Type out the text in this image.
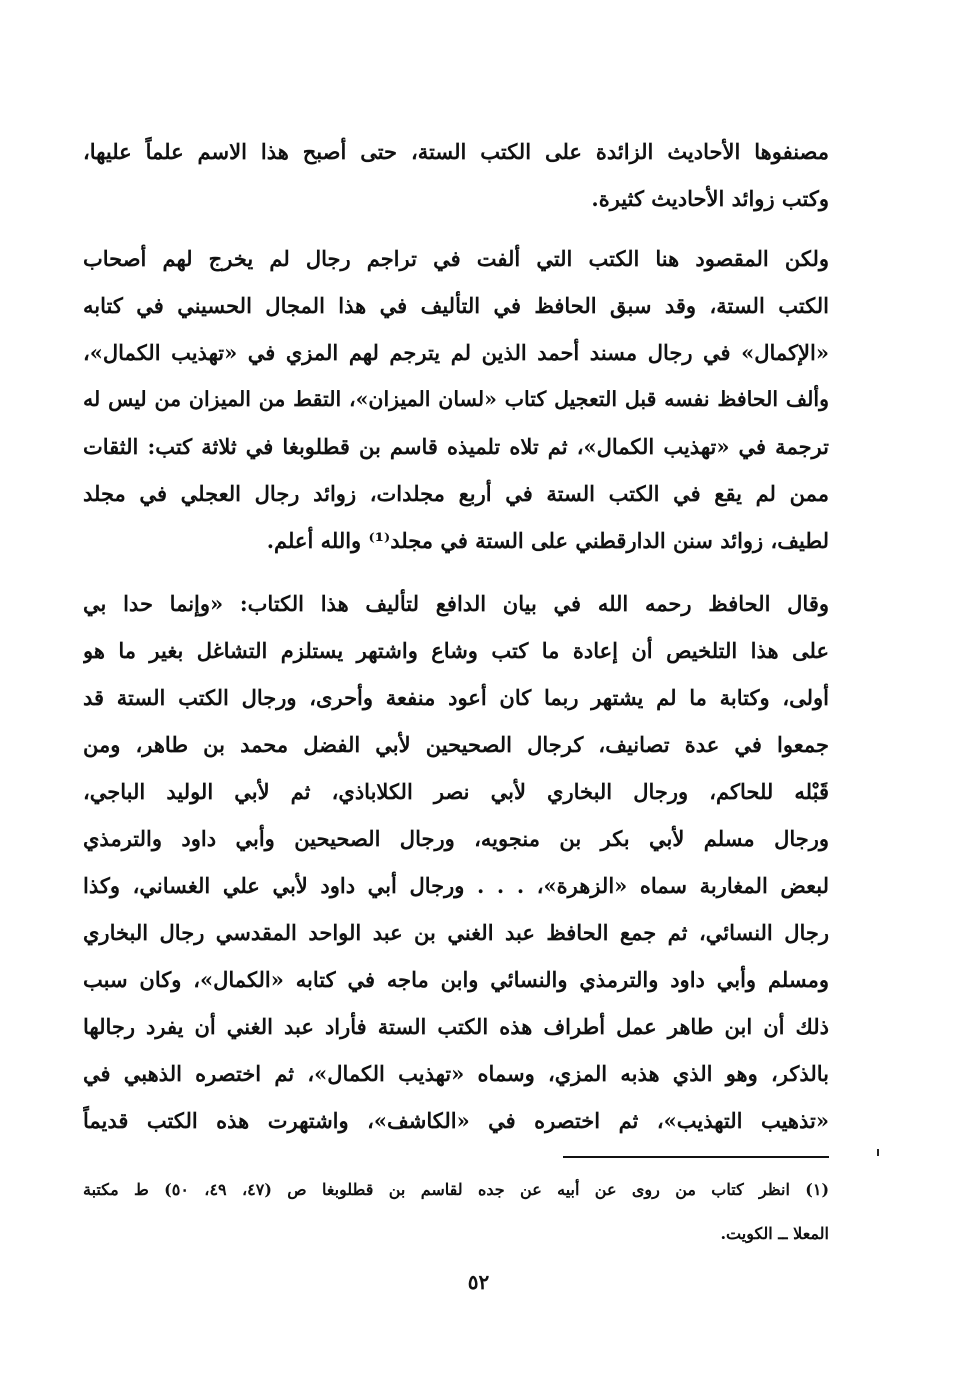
مصنفوها الأحاديث الزائدة على الكتب الستة، حتى أصبح هذا الاسم علماً عليها،
وكتب زوائد الأحاديث كثيرة.
ولكن المقصود هنا الكتب التي ألفت في تراجم رجال لم يخرج لهم أصحاب
الكتب الستة، وقد سبق الحافظ في التأليف في هذا المجال الحسيني في كتابه
«الإكمال» في رجال مسند أحمد الذين لم يترجم لهم المزي في «تهذيب الكمال»،
وألف الحافظ نفسه قبل التعجيل كتاب «لسان الميزان»، التقط من الميزان من ليس له
ترجمة في «تهذيب الكمال»، ثم تلاه تلميذه قاسم بن قطلوبغا في ثلاثة كتب: الثقات
ممن لم يقع في الكتب الستة في أربع مجلدات، زوائد رجال العجلي في مجلد
لطيف، زوائد سنن الدارقطني على الستة في مجلد⁽¹⁾ والله أعلم.
وقال الحافظ رحمه الله في بيان الدافع لتأليف هذا الكتاب: «وإنما حدا بي
على هذا التلخيص أن إعادة ما كتب وشاع واشتهر يستلزم التشاغل بغير ما هو
أولى، وكتابة ما لم يشتهر ربما كان أعود منفعة وأحرى، ورجال الكتب الستة قد
جمعوا في عدة تصانيف، كرجال الصحيحين لأبي الفضل محمد بن طاهر، ومن
قَبْله للحاكم، ورجال البخاري لأبي نصر الكلاباذي، ثم لأبي الوليد الباجي،
ورجال مسلم لأبي بكر بن منجويه، ورجال الصحيحين وأبي داود والترمذي
لبعض المغاربة سماه «الزهرة»، . . . ورجال أبي داود لأبي علي الغساني، وكذا
رجال النسائي، ثم جمع الحافظ عبد الغني بن عبد الواحد المقدسي رجال البخاري
ومسلم وأبي داود والترمذي والنسائي وابن ماجه في كتابه «الكمال»، وكان سبب
ذلك أن ابن طاهر عمل أطراف هذه الكتب الستة فأراد عبد الغني أن يفرد رجالها
بالذكر، وهو الذي هذبه المزي، وسماه «تهذيب الكمال»، ثم اختصره الذهبي في
«تذهيب التهذيب»، ثم اختصره في «الكاشف»، واشتهرت هذه الكتب قديماً
(١) انظر كتاب من روى عن أبيه عن جده لقاسم بن قطلوبغا ص (٤٧، ٤٩، ٥٠) ط مكتبة
المعلا ــ الكويت.
٥٢
